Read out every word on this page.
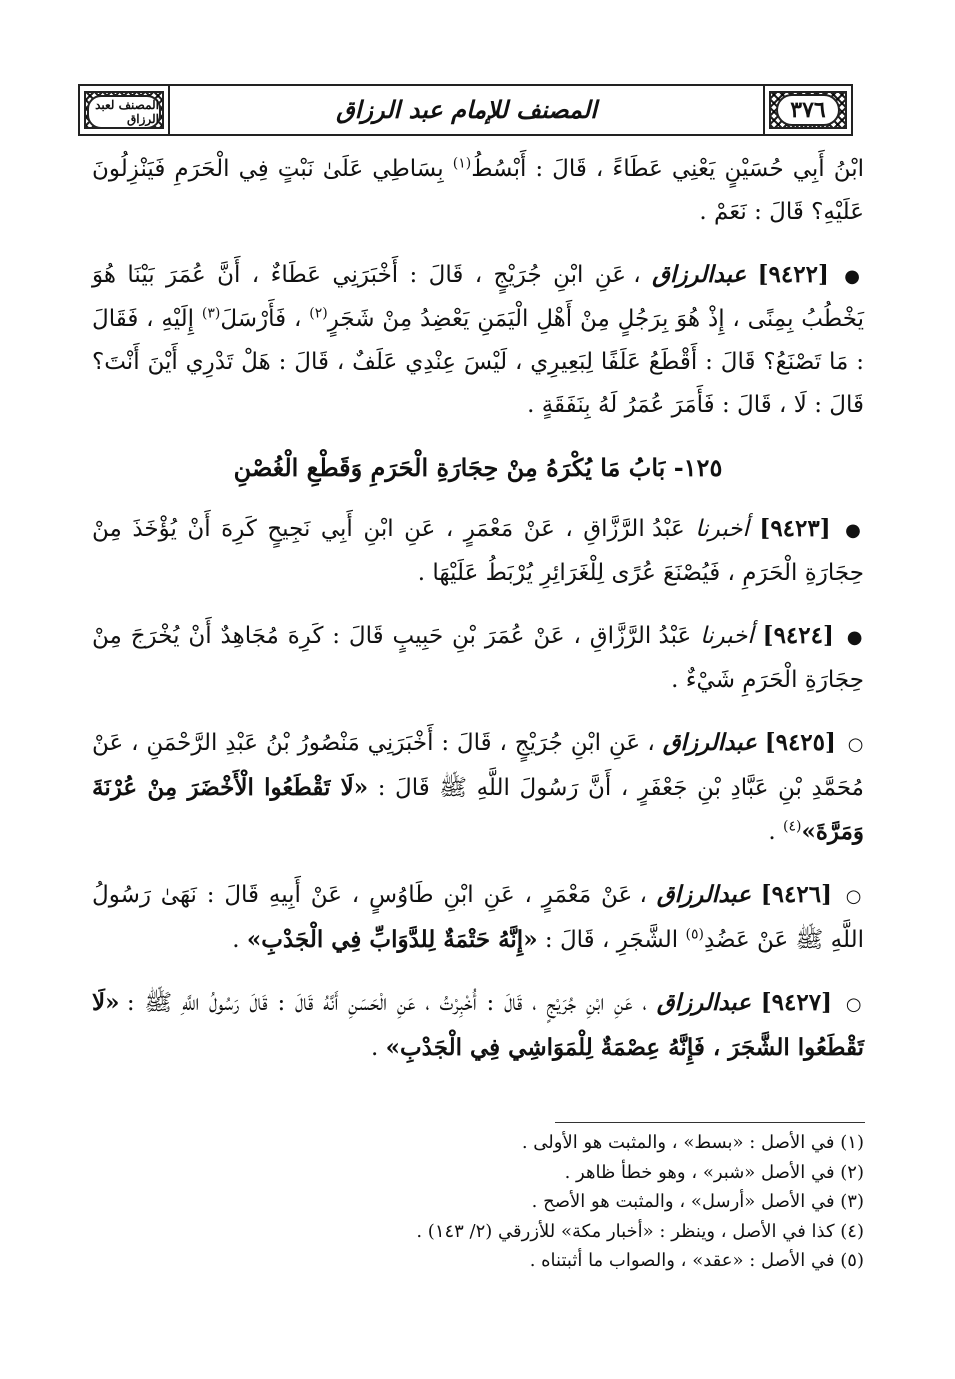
٣٧٦
المصنف للإمام عبد الرزاق
المصنف لعبد الرزاق

ابْنُ أَبِي حُسَيْنٍ يَعْنِي عَطَاءً ، قَالَ : أَبْسُطُ$^{(١)}$ بِسَاطِي عَلَىٰ نَبْتٍ فِي الْحَرَمِ فَيَنْزِلُونَ عَلَيْهِ؟ قَالَ : نَعَمْ .

● [٩٤٢٢] عبدالرزاق ، عَنِ ابْنِ جُرَيْجٍ ، قَالَ : أَخْبَرَنِي عَطَاءٌ ، أَنَّ عُمَرَ بَيْنَا هُوَ يَخْطُبُ بِمِنًى ، إِذْ هُوَ بِرَجُلٍ مِنْ أَهْلِ الْيَمَنِ يَعْضِدُ مِنْ شَجَرٍ$^{(٢)}$ ، فَأَرْسَلَ$^{(٣)}$ إِلَيْهِ ، فَقَالَ : مَا تَصْنَعُ؟ قَالَ : أَقْطَعُ عَلَفًا لِبَعِيرِي ، لَيْسَ عِنْدِي عَلَفٌ ، قَالَ : هَلْ تَدْرِي أَيْنَ أَنْتَ؟ قَالَ : لَا ، قَالَ : فَأَمَرَ عُمَرُ لَهُ بِنَفَقَةٍ .

١٢٥- بَابُ مَا يُكْرَهُ مِنْ حِجَارَةِ الْحَرَمِ وَقَطْعِ الْغُصْنِ

● [٩٤٢٣] أخبرنا عَبْدُ الرَّزَّاقِ ، عَنْ مَعْمَرٍ ، عَنِ ابْنِ أَبِي نَجِيحٍ كَرِهَ أَنْ يُؤْخَذَ مِنْ حِجَارَةِ الْحَرَمِ ، فَيُصْنَعَ عُرًى لِلْغَرَائِرِ يُرْبَطُ عَلَيْهَا .

● [٩٤٢٤] أخبرنا عَبْدُ الرَّزَّاقِ ، عَنْ عُمَرَ بْنِ حَبِيبٍ قَالَ : كَرِهَ مُجَاهِدٌ أَنْ يُخْرَجَ مِنْ حِجَارَةِ الْحَرَمِ شَيْءٌ .

○ [٩٤٢٥] عبدالرزاق ، عَنِ ابْنِ جُرَيْجٍ ، قَالَ : أَخْبَرَنِي مَنْصُورُ بْنُ عَبْدِ الرَّحْمَنِ ، عَنْ مُحَمَّدِ بْنِ عَبَّادِ بْنِ جَعْفَرٍ ، أَنَّ رَسُولَ اللَّهِ ﷺ قَالَ : «لَا تَقْطَعُوا الْأَخْضَرَ مِنْ عُرْنَةَ وَمَرَّةَ»$^{(٤)}$ .

○ [٩٤٢٦] عبدالرزاق ، عَنْ مَعْمَرٍ ، عَنِ ابْنِ طَاوُسٍ ، عَنْ أَبِيهِ قَالَ : نَهَىٰ رَسُولُ اللَّهِ ﷺ عَنْ عَضُدِ$^{(٥)}$ الشَّجَرِ ، قَالَ : «إِنَّهُ حَتْمَةٌ لِلدَّوَابِّ فِي الْجَدْبِ» .

○ [٩٤٢٧] عبدالرزاق ، عَنِ ابْنِ جُرَيْجٍ ، قَالَ : أُخْبِرْتُ ، عَنِ الْحَسَنِ أَنَّهُ قَالَ : قَالَ رَسُولُ اللَّهِ ﷺ : «لَا تَقْطَعُوا الشَّجَرَ ، فَإِنَّهُ عِصْمَةٌ لِلْمَوَاشِي فِي الْجَدْبِ» .

(١) في الأصل : «بسط» ، والمثبت هو الأولى .
(٢) في الأصل «شبر» ، وهو خطأ ظاهر .
(٣) في الأصل «أرسل» ، والمثبت هو الأصح .
(٤) كذا في الأصل ، وينظر : «أخبار مكة» للأزرقي (٢/ ١٤٣) .
(٥) في الأصل : «عقد» ، والصواب ما أثبتناه .
